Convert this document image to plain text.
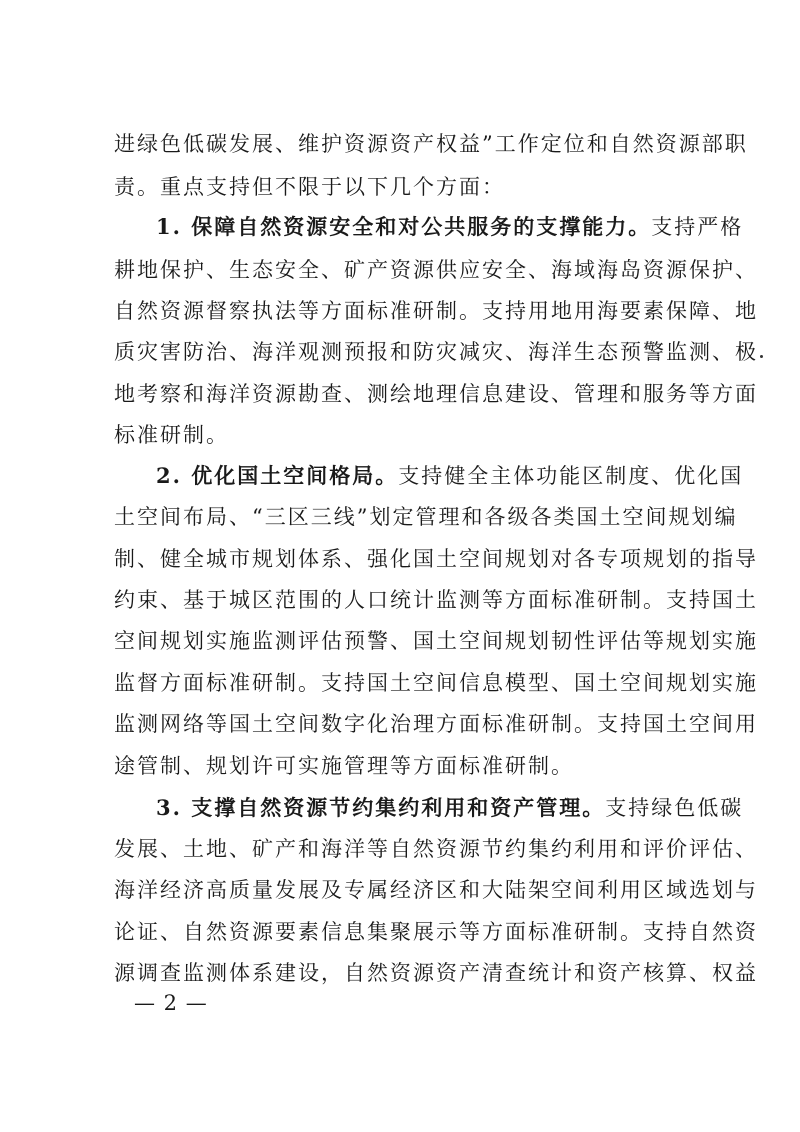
进绿色低碳发展、维护资源资产权益”工作定位和自然资源部职
责。重点支持但不限于以下几个方面：
1. 保障自然资源安全和对公共服务的支撑能力。支持严格
耕地保护、生态安全、矿产资源供应安全、海域海岛资源保护、
自然资源督察执法等方面标准研制。支持用地用海要素保障、地
质灾害防治、海洋观测预报和防灾减灾、海洋生态预警监测、极
地考察和海洋资源勘查、测绘地理信息建设、管理和服务等方面
标准研制。
2. 优化国土空间格局。支持健全主体功能区制度、优化国
土空间布局、“三区三线”划定管理和各级各类国土空间规划编
制、健全城市规划体系、强化国土空间规划对各专项规划的指导
约束、基于城区范围的人口统计监测等方面标准研制。支持国土
空间规划实施监测评估预警、国土空间规划韧性评估等规划实施
监督方面标准研制。支持国土空间信息模型、国土空间规划实施
监测网络等国土空间数字化治理方面标准研制。支持国土空间用
途管制、规划许可实施管理等方面标准研制。
3. 支撑自然资源节约集约利用和资产管理。支持绿色低碳
发展、土地、矿产和海洋等自然资源节约集约利用和评价评估、
海洋经济高质量发展及专属经济区和大陆架空间利用区域选划与
论证、自然资源要素信息集聚展示等方面标准研制。支持自然资
源调查监测体系建设，自然资源资产清查统计和资产核算、权益
— 2 —
